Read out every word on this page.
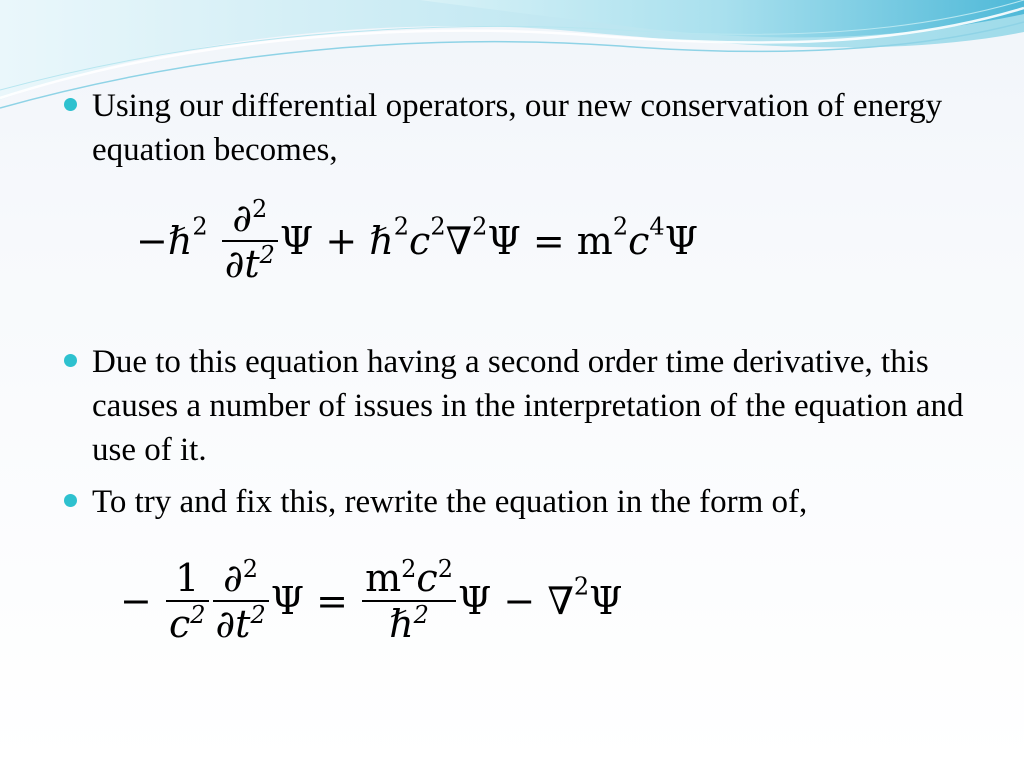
Using our differential operators, our new conservation of energy equation becomes,
−ℏ$^2$ $\frac{\partial^2}{\partial t^2}$ $\Psi + \hbar^2c^2\nabla^2\Psi = m^2c^4\Psi$
Due to this equation having a second order time derivative, this causes a number of issues in the interpretation of the equation and use of it.
To try and fix this, rewrite the equation in the form of,
− $\frac{1}{c^2} \frac{\partial^2}{\partial t^2}$ $\Psi = \frac{m^2c^2}{\hbar^2}$ Ψ − ∇$^2$Ψ
